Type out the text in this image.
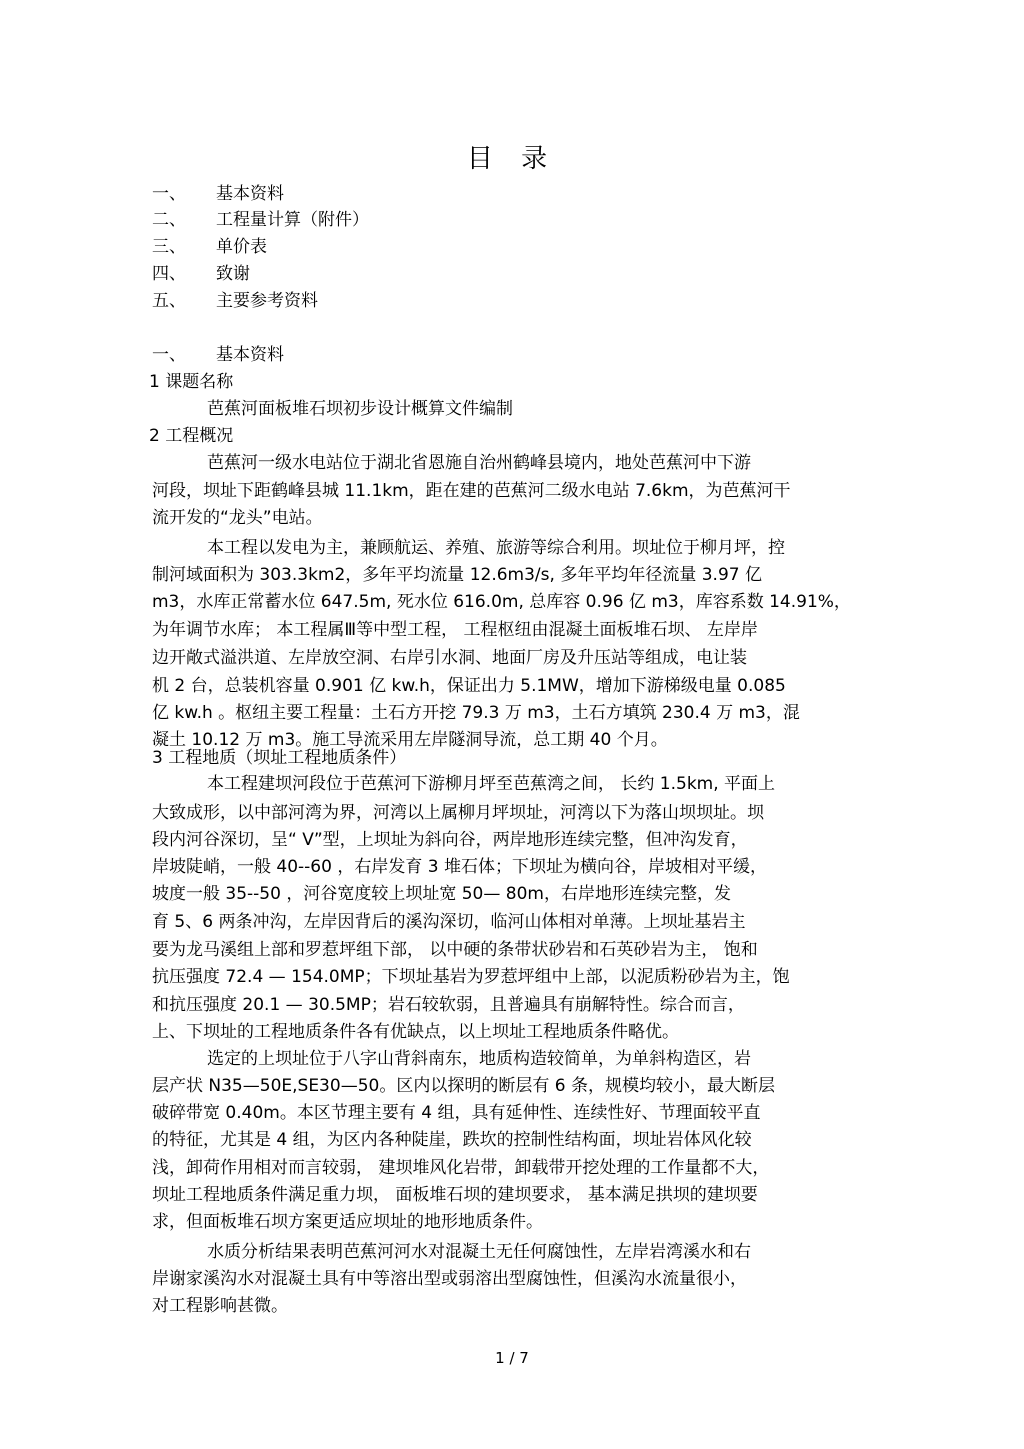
目 录
一、 基本资料
二、 工程量计算（附件）
三、 单价表
四、 致谢
五、 主要参考资料
一、 基本资料
1 课题名称
芭蕉河面板堆石坝初步设计概算文件编制
2 工程概况
芭蕉河一级水电站位于湖北省恩施自治州鹤峰县境内，地处芭蕉河中下游
河段，坝址下距鹤峰县城 11.1km，距在建的芭蕉河二级水电站 7.6km，为芭蕉河干
流开发的“龙头”电站。
本工程以发电为主，兼顾航运、养殖、旅游等综合利用。坝址位于柳月坪，控
制河域面积为 303.3km2，多年平均流量 12.6m3/s, 多年平均年径流量 3.97 亿
m3，水库正常蓄水位 647.5m, 死水位 616.0m, 总库容 0.96 亿 m3，库容系数 14.91%，
为年调节水库； 本工程属Ⅲ等中型工程， 工程枢纽由混凝土面板堆石坝、 左岸岸
边开敞式溢洪道、左岸放空洞、右岸引水洞、地面厂房及升压站等组成，电让装
机 2 台，总装机容量 0.901 亿 kw.h，保证出力 5.1MW，增加下游梯级电量 0.085
亿 kw.h 。枢纽主要工程量：土石方开挖 79.3 万 m3，土石方填筑 230.4 万 m3，混
凝土 10.12 万 m3。施工导流采用左岸隧洞导流，总工期 40 个月。
3 工程地质（坝址工程地质条件）
本工程建坝河段位于芭蕉河下游柳月坪至芭蕉湾之间， 长约 1.5km, 平面上
大致成形，以中部河湾为界，河湾以上属柳月坪坝址，河湾以下为落山坝坝址。坝
段内河谷深切，呈“ V”型，上坝址为斜向谷，两岸地形连续完整，但冲沟发育，
岸坡陡峭，一般 40--60 ，右岸发育 3 堆石体；下坝址为横向谷，岸坡相对平缓，
坡度一般 35--50 ，河谷宽度较上坝址宽 50— 80m，右岸地形连续完整，发
育 5、6 两条冲沟，左岸因背后的溪沟深切，临河山体相对单薄。上坝址基岩主
要为龙马溪组上部和罗惹坪组下部， 以中硬的条带状砂岩和石英砂岩为主， 饱和
抗压强度 72.4 — 154.0MP；下坝址基岩为罗惹坪组中上部，以泥质粉砂岩为主，饱
和抗压强度 20.1 — 30.5MP；岩石较软弱，且普遍具有崩解特性。综合而言，
上、下坝址的工程地质条件各有优缺点，以上坝址工程地质条件略优。
选定的上坝址位于八字山背斜南东，地质构造较简单，为单斜构造区，岩
层产状 N35—50E,SE30—50。区内以探明的断层有 6 条，规模均较小，最大断层
破碎带宽 0.40m。本区节理主要有 4 组，具有延伸性、连续性好、节理面较平直
的特征，尤其是 4 组，为区内各种陡崖，跌坎的控制性结构面，坝址岩体风化较
浅，卸荷作用相对而言较弱， 建坝堆风化岩带，卸载带开挖处理的工作量都不大，
坝址工程地质条件满足重力坝， 面板堆石坝的建坝要求， 基本满足拱坝的建坝要
求，但面板堆石坝方案更适应坝址的地形地质条件。
水质分析结果表明芭蕉河河水对混凝土无任何腐蚀性，左岸岩湾溪水和右
岸谢家溪沟水对混凝土具有中等溶出型或弱溶出型腐蚀性，但溪沟水流量很小，
对工程影响甚微。
1 / 7
